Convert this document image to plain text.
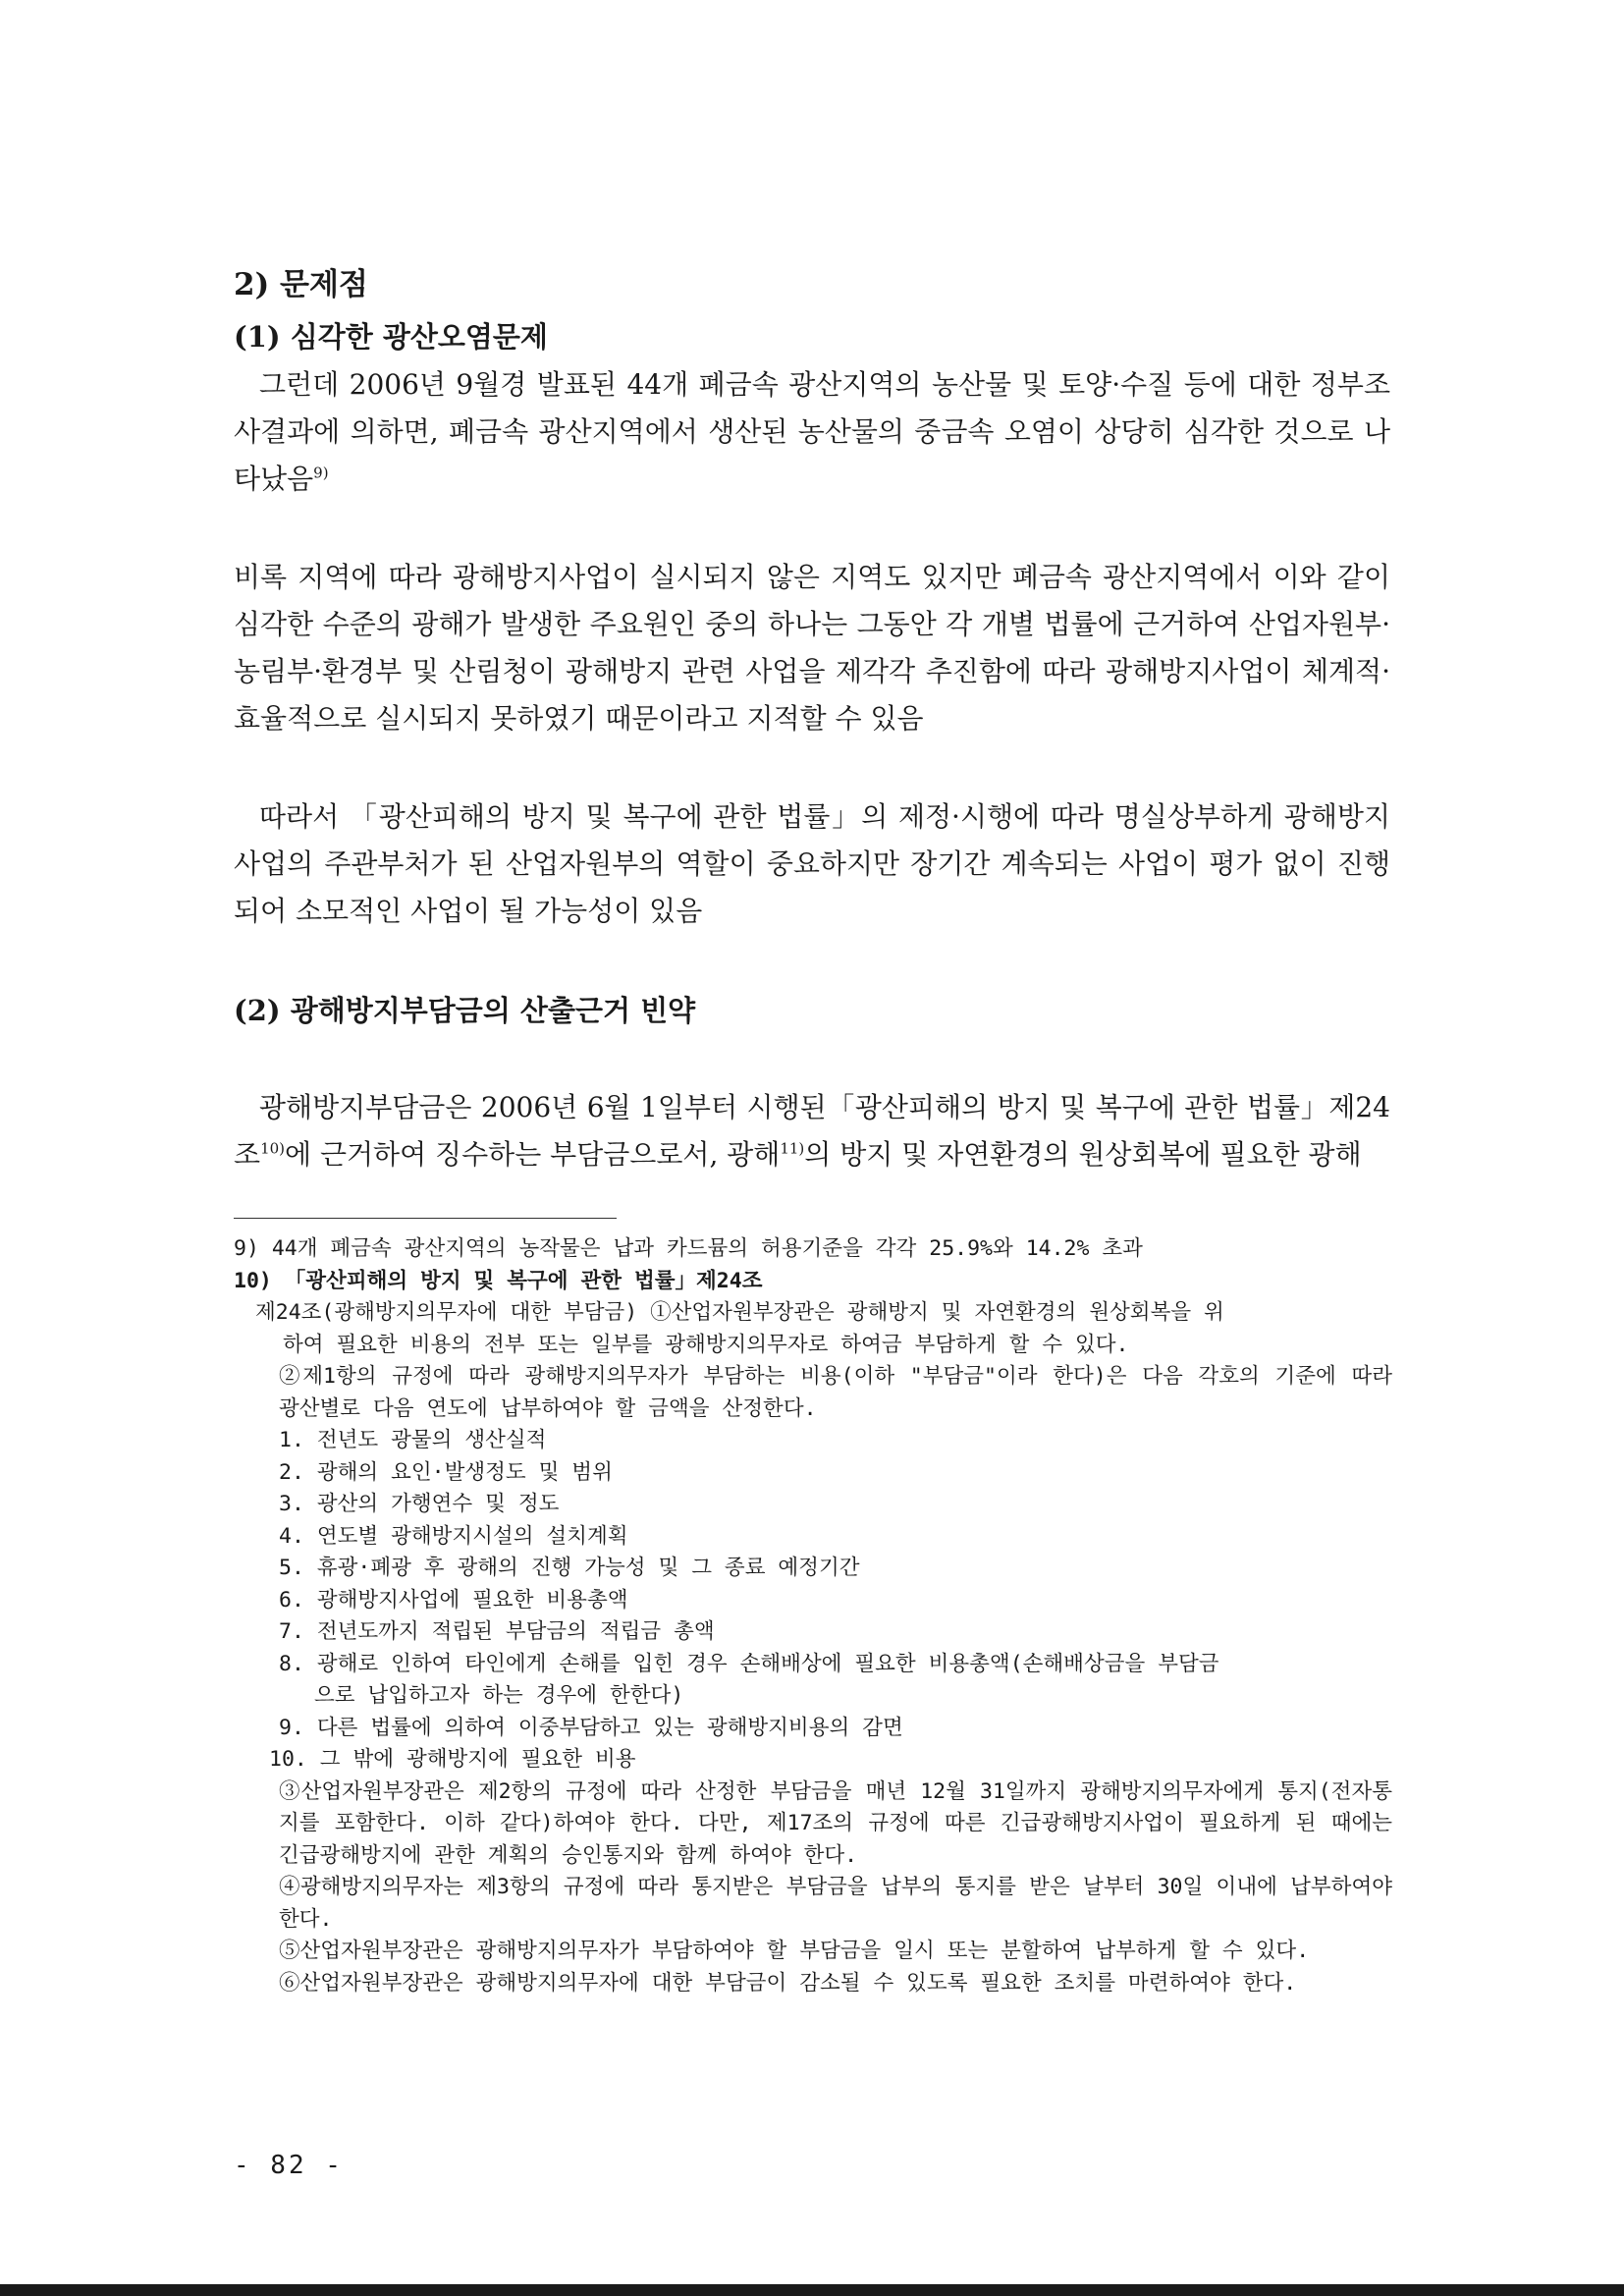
2) 문제점
(1) 심각한 광산오염문제

그런데 2006년 9월경 발표된 44개 폐금속 광산지역의 농산물 및 토양·수질 등에 대한 정부조사결과에 의하면, 폐금속 광산지역에서 생산된 농산물의 중금속 오염이 상당히 심각한 것으로 나타났음$^{9)}$

비록 지역에 따라 광해방지사업이 실시되지 않은 지역도 있지만 폐금속 광산지역에서 이와 같이 심각한 수준의 광해가 발생한 주요원인 중의 하나는 그동안 각 개별 법률에 근거하여 산업자원부·농림부·환경부 및 산림청이 광해방지 관련 사업을 제각각 추진함에 따라 광해방지사업이 체계적·효율적으로 실시되지 못하였기 때문이라고 지적할 수 있음

따라서 「광산피해의 방지 및 복구에 관한 법률」의 제정·시행에 따라 명실상부하게 광해방지사업의 주관부처가 된 산업자원부의 역할이 중요하지만 장기간 계속되는 사업이 평가 없이 진행되어 소모적인 사업이 될 가능성이 있음

(2) 광해방지부담금의 산출근거 빈약

광해방지부담금은 2006년 6월 1일부터 시행된「광산피해의 방지 및 복구에 관한 법률」제24조$^{10)}$에 근거하여 징수하는 부담금으로서, 광해$^{11)}$의 방지 및 자연환경의 원상회복에 필요한 광해

9) 44개 폐금속 광산지역의 농작물은 납과 카드뮴의 허용기준을 각각 25.9%와 14.2% 초과

10) 「광산피해의 방지 및 복구에 관한 법률」제24조

제24조(광해방지의무자에 대한 부담금) ①산업자원부장관은 광해방지 및 자연환경의 원상회복을 위
하여 필요한 비용의 전부 또는 일부를 광해방지의무자로 하여금 부담하게 할 수 있다.

②제1항의 규정에 따라 광해방지의무자가 부담하는 비용(이하 "부담금"이라 한다)은 다음 각호의 기준에 따라 광산별로 다음 연도에 납부하여야 할 금액을 산정한다.

1. 전년도 광물의 생산실적

2. 광해의 요인·발생정도 및 범위

3. 광산의 가행연수 및 정도

4. 연도별 광해방지시설의 설치계획

5. 휴광·폐광 후 광해의 진행 가능성 및 그 종료 예정기간

6. 광해방지사업에 필요한 비용총액

7. 전년도까지 적립된 부담금의 적립금 총액

8. 광해로 인하여 타인에게 손해를 입힌 경우 손해배상에 필요한 비용총액(손해배상금을 부담금
으로 납입하고자 하는 경우에 한한다)

9. 다른 법률에 의하여 이중부담하고 있는 광해방지비용의 감면

10. 그 밖에 광해방지에 필요한 비용

③산업자원부장관은 제2항의 규정에 따라 산정한 부담금을 매년 12월 31일까지 광해방지의무자에게 통지(전자통지를 포함한다. 이하 같다)하여야 한다. 다만, 제17조의 규정에 따른 긴급광해방지사업이 필요하게 된 때에는 긴급광해방지에 관한 계획의 승인통지와 함께 하여야 한다.

④광해방지의무자는 제3항의 규정에 따라 통지받은 부담금을 납부의 통지를 받은 날부터 30일 이내에 납부하여야 한다.

⑤산업자원부장관은 광해방지의무자가 부담하여야 할 부담금을 일시 또는 분할하여 납부하게 할 수 있다.

⑥산업자원부장관은 광해방지의무자에 대한 부담금이 감소될 수 있도록 필요한 조치를 마련하여야 한다.

- 82 -
